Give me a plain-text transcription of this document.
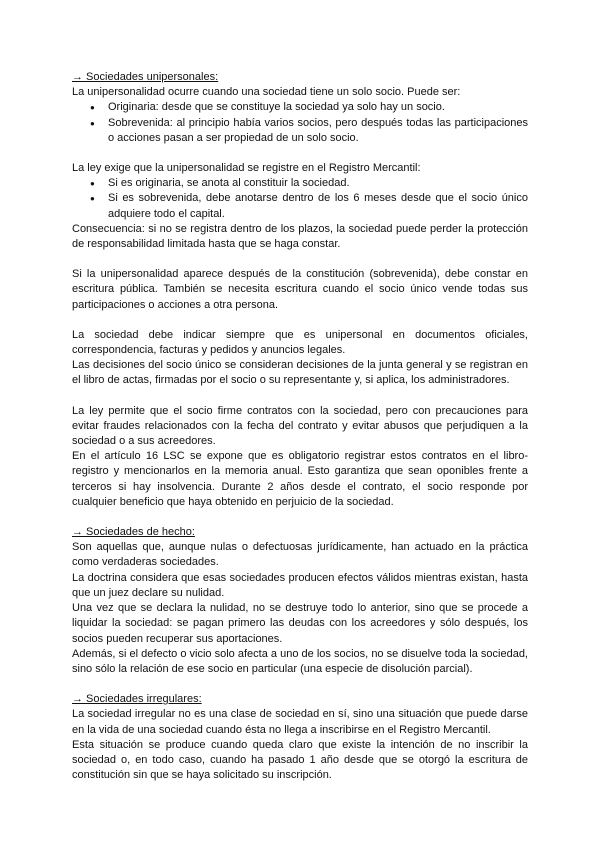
→ Sociedades unipersonales:

La unipersonalidad ocurre cuando una sociedad tiene un solo socio. Puede ser:

● Originaria: desde que se constituye la sociedad ya solo hay un socio.
● Sobrevenida: al principio había varios socios, pero después todas las participaciones o acciones pasan a ser propiedad de un solo socio.

La ley exige que la unipersonalidad se registre en el Registro Mercantil:

● Si es originaria, se anota al constituir la sociedad.
● Si es sobrevenida, debe anotarse dentro de los 6 meses desde que el socio único adquiere todo el capital.

Consecuencia: si no se registra dentro de los plazos, la sociedad puede perder la protección de responsabilidad limitada hasta que se haga constar.

Si la unipersonalidad aparece después de la constitución (sobrevenida), debe constar en escritura pública. También se necesita escritura cuando el socio único vende todas sus participaciones o acciones a otra persona.

La sociedad debe indicar siempre que es unipersonal en documentos oficiales, correspondencia, facturas y pedidos y anuncios legales.

Las decisiones del socio único se consideran decisiones de la junta general y se registran en el libro de actas, firmadas por el socio o su representante y, si aplica, los administradores.

La ley permite que el socio firme contratos con la sociedad, pero con precauciones para evitar fraudes relacionados con la fecha del contrato y evitar abusos que perjudiquen a la sociedad o a sus acreedores.

En el artículo 16 LSC se expone que es obligatorio registrar estos contratos en el libro-registro y mencionarlos en la memoria anual. Esto garantiza que sean oponibles frente a terceros si hay insolvencia. Durante 2 años desde el contrato, el socio responde por cualquier beneficio que haya obtenido en perjuicio de la sociedad.

→ Sociedades de hecho:

Son aquellas que, aunque nulas o defectuosas jurídicamente, han actuado en la práctica como verdaderas sociedades.

La doctrina considera que esas sociedades producen efectos válidos mientras existan, hasta que un juez declare su nulidad.

Una vez que se declara la nulidad, no se destruye todo lo anterior, sino que se procede a liquidar la sociedad: se pagan primero las deudas con los acreedores y sólo después, los socios pueden recuperar sus aportaciones.

Además, si el defecto o vicio solo afecta a uno de los socios, no se disuelve toda la sociedad, sino sólo la relación de ese socio en particular (una especie de disolución parcial).

→ Sociedades irregulares:

La sociedad irregular no es una clase de sociedad en sí, sino una situación que puede darse en la vida de una sociedad cuando ésta no llega a inscribirse en el Registro Mercantil.

Esta situación se produce cuando queda claro que existe la intención de no inscribir la sociedad o, en todo caso, cuando ha pasado 1 año desde que se otorgó la escritura de constitución sin que se haya solicitado su inscripción.
